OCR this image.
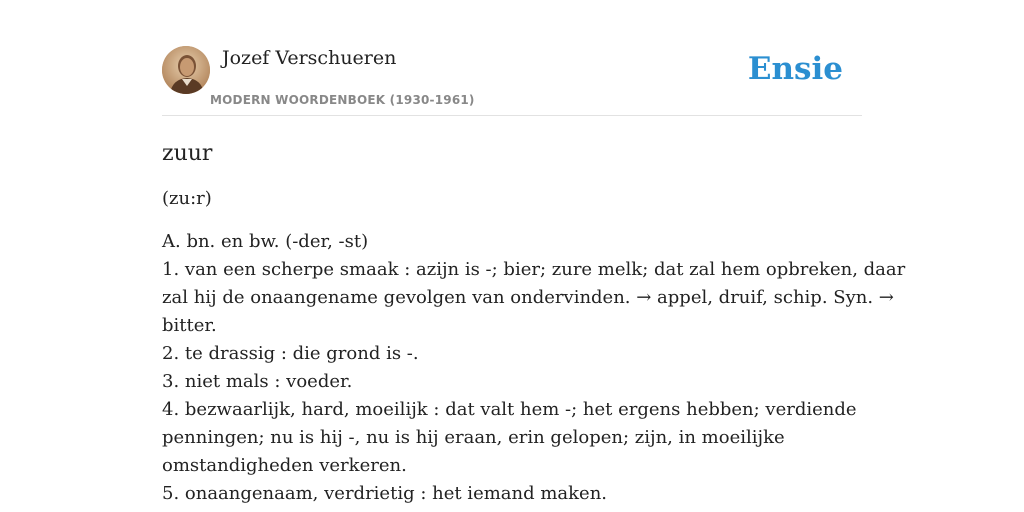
Jozef Verschueren
MODERN WOORDENBOEK (1930-1961)
Ensie
zuur
(zu:r)
A. bn. en bw. (-der, -st)
1. van een scherpe smaak : azijn is -; bier; zure melk; dat zal hem opbreken, daar
zal hij de onaangename gevolgen van ondervinden. → appel, druif, schip. Syn. →
bitter.
2. te drassig : die grond is -.
3. niet mals : voeder.
4. bezwaarlijk, hard, moeilijk : dat valt hem -; het ergens hebben; verdiende
penningen; nu is hij -, nu is hij eraan, erin gelopen; zijn, in moeilijke
omstandigheden verkeren.
5. onaangenaam, verdrietig : het iemand maken.
